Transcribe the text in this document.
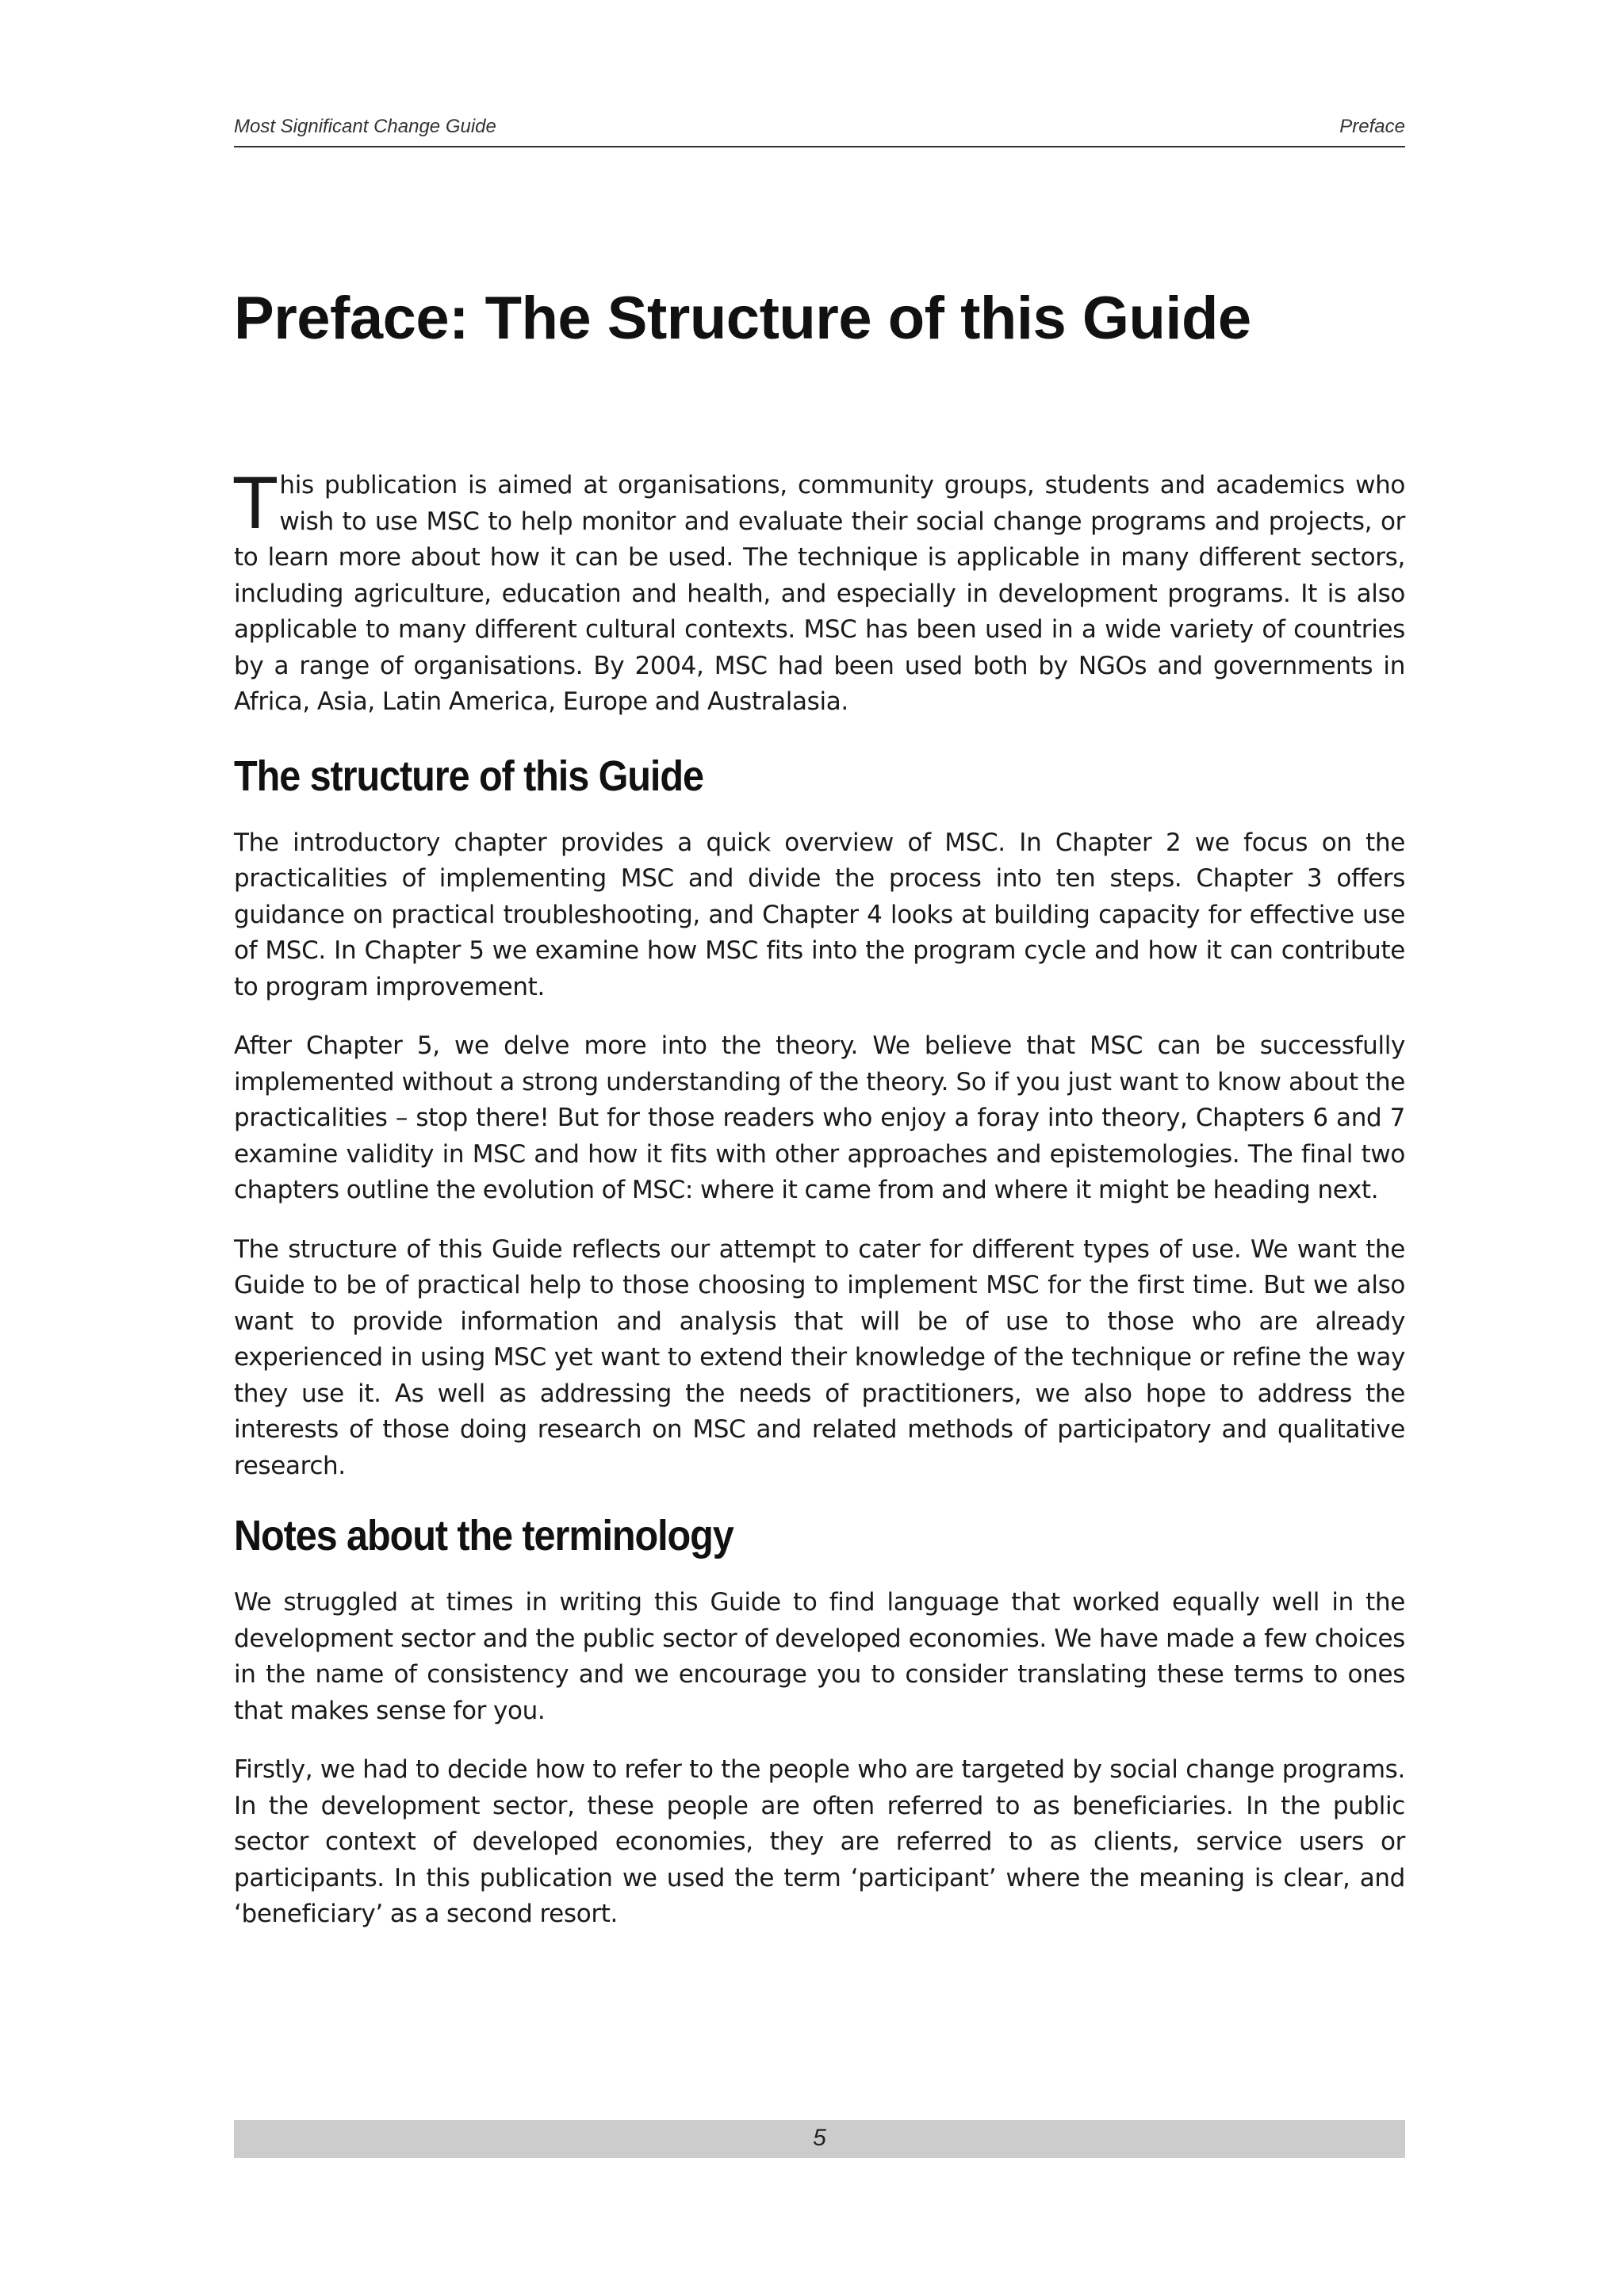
Most Significant Change Guide	Preface
Preface: The Structure of this Guide

This publication is aimed at organisations, community groups, students and academics who wish to use MSC to help monitor and evaluate their social change programs and projects, or to learn more about how it can be used. The technique is applicable in many different sectors, including agriculture, education and health, and especially in development programs. It is also applicable to many different cultural contexts. MSC has been used in a wide variety of countries by a range of organisations. By 2004, MSC had been used both by NGOs and governments in Africa, Asia, Latin America, Europe and Australasia.

The structure of this Guide

The introductory chapter provides a quick overview of MSC. In Chapter 2 we focus on the practicalities of implementing MSC and divide the process into ten steps. Chapter 3 offers guidance on practical troubleshooting, and Chapter 4 looks at building capacity for effective use of MSC. In Chapter 5 we examine how MSC fits into the program cycle and how it can contribute to program improvement.

After Chapter 5, we delve more into the theory. We believe that MSC can be successfully implemented without a strong understanding of the theory. So if you just want to know about the practicalities – stop there! But for those readers who enjoy a foray into theory, Chapters 6 and 7 examine validity in MSC and how it fits with other approaches and epistemologies. The final two chapters outline the evolution of MSC: where it came from and where it might be heading next.

The structure of this Guide reflects our attempt to cater for different types of use. We want the Guide to be of practical help to those choosing to implement MSC for the first time. But we also want to provide information and analysis that will be of use to those who are already experienced in using MSC yet want to extend their knowledge of the technique or refine the way they use it. As well as addressing the needs of practitioners, we also hope to address the interests of those doing research on MSC and related methods of participatory and qualitative research.

Notes about the terminology

We struggled at times in writing this Guide to find language that worked equally well in the development sector and the public sector of developed economies. We have made a few choices in the name of consistency and we encourage you to consider translating these terms to ones that makes sense for you.

Firstly, we had to decide how to refer to the people who are targeted by social change programs. In the development sector, these people are often referred to as beneficiaries. In the public sector context of developed economies, they are referred to as clients, service users or participants. In this publication we used the term ‘participant’ where the meaning is clear, and ‘beneficiary’ as a second resort.

5
